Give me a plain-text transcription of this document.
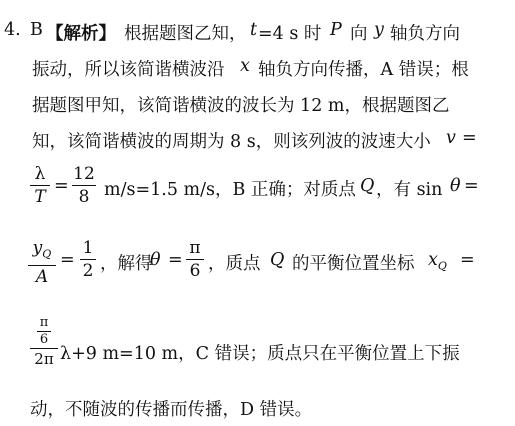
4. B 【解析】 根据题图乙知， t =4 s 时 P 向 y 轴负方向
振动，所以该简谐横波沿 x 轴负方向传播，A 错误；根
据题图甲知，该简谐横波的波长为 12 m，根据题图乙
知，该简谐横波的周期为 8 s，则该列波的波速大小 v =
λ
T
=
12
8 m/s=1.5 m/s，B 正确；对质点 Q ，有 sin θ =
$y_Q$
A
=
1
2 ，解得
θ =
π
6 ，质点 Q 的平衡位置坐标 $x_Q$ =
π
6
2π λ+9 m=10 m，C 错误；质点只在平衡位置上下振
动，不随波的传播而传播，D 错误。
